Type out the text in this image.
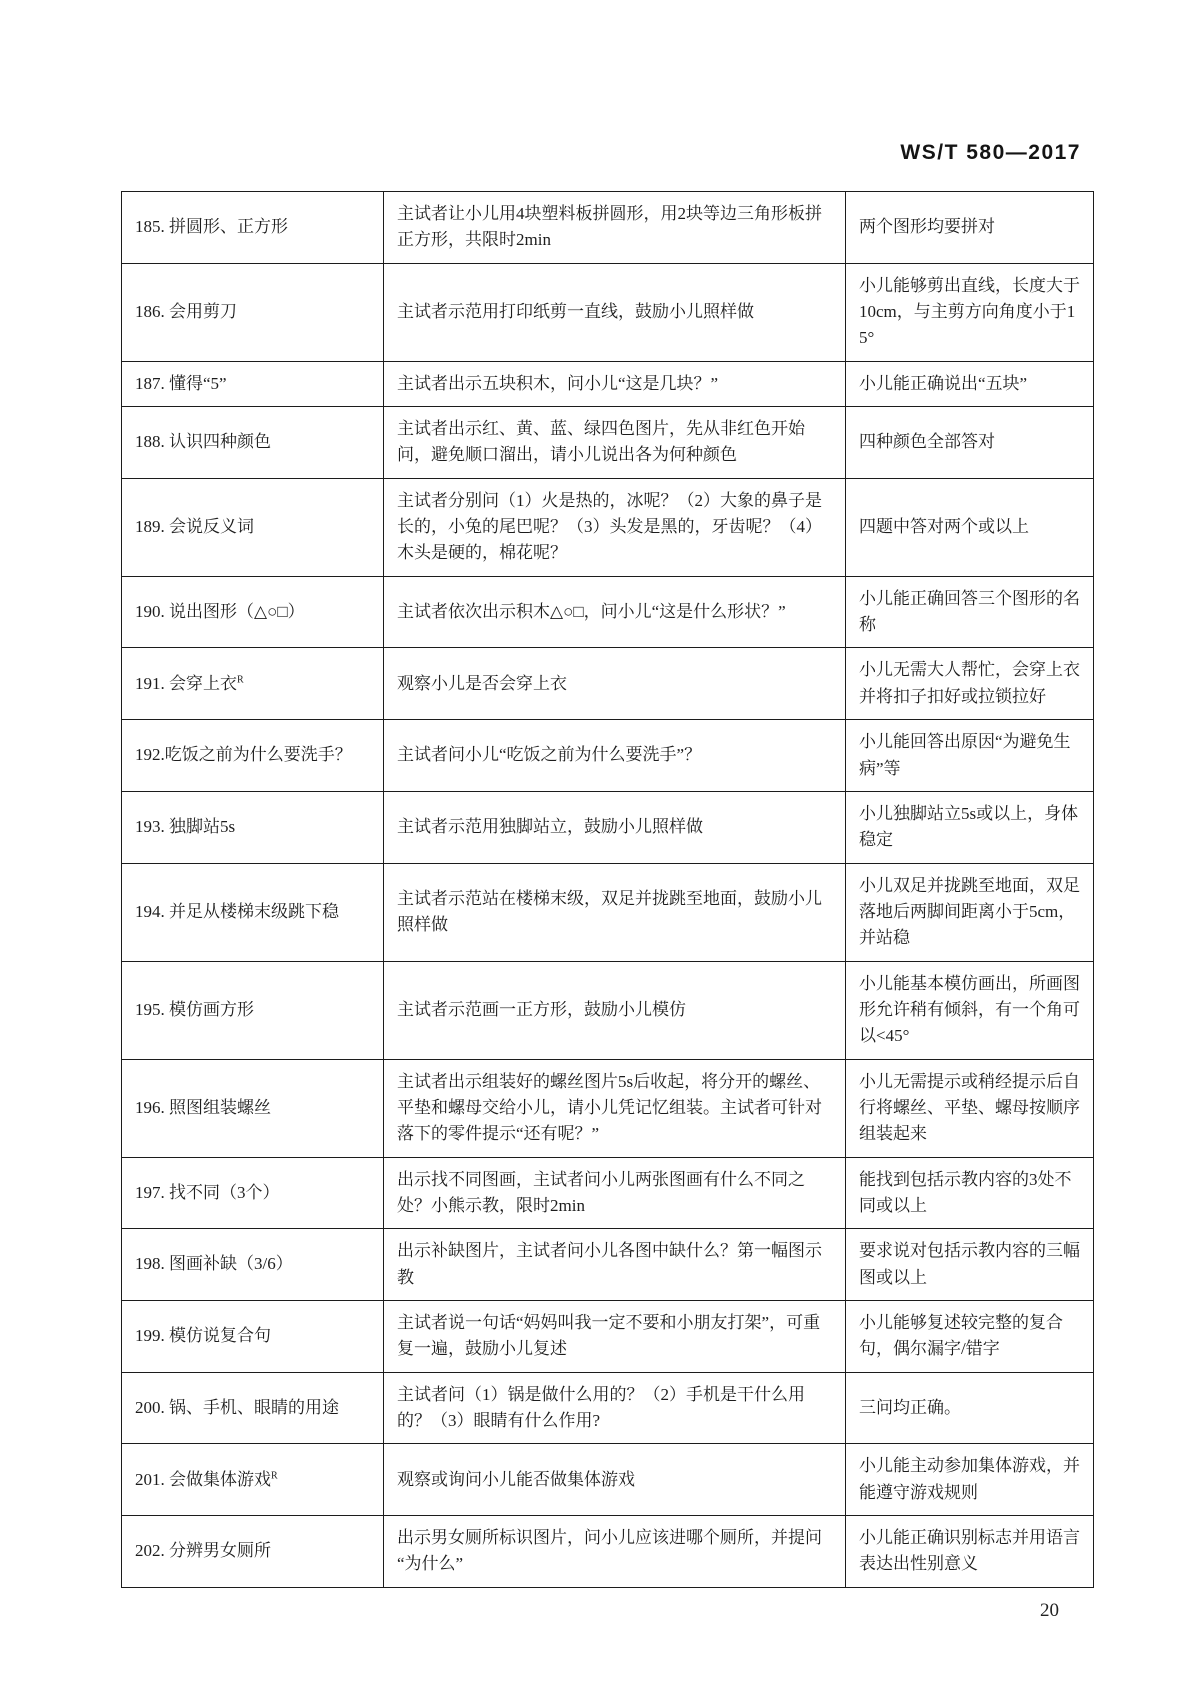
WS/T 580—2017
185. 拼圆形、正方形	主试者让小儿用4块塑料板拼圆形，用2块等边三角形板拼正方形，共限时2min	两个图形均要拼对
186. 会用剪刀	主试者示范用打印纸剪一直线，鼓励小儿照样做	小儿能够剪出直线，长度大于10cm，与主剪方向角度小于15°
187. 懂得“5”	主试者出示五块积木，问小儿“这是几块？”	小儿能正确说出“五块”
188. 认识四种颜色	主试者出示红、黄、蓝、绿四色图片，先从非红色开始问，避免顺口溜出，请小儿说出各为何种颜色	四种颜色全部答对
189. 会说反义词	主试者分别问（1）火是热的，冰呢？（2）大象的鼻子是长的，小兔的尾巴呢？（3）头发是黑的，牙齿呢？（4）木头是硬的，棉花呢？	四题中答对两个或以上
190. 说出图形（△○□）	主试者依次出示积木△○□，问小儿“这是什么形状？”	小儿能正确回答三个图形的名称
191. 会穿上衣$^R$	观察小儿是否会穿上衣	小儿无需大人帮忙，会穿上衣并将扣子扣好或拉锁拉好
192.吃饭之前为什么要洗手？	主试者问小儿“吃饭之前为什么要洗手”？	小儿能回答出原因“为避免生病”等
193. 独脚站5s	主试者示范用独脚站立，鼓励小儿照样做	小儿独脚站立5s或以上，身体稳定
194. 并足从楼梯末级跳下稳	主试者示范站在楼梯末级，双足并拢跳至地面，鼓励小儿照样做	小儿双足并拢跳至地面，双足落地后两脚间距离小于5cm，并站稳
195. 模仿画方形	主试者示范画一正方形，鼓励小儿模仿	小儿能基本模仿画出，所画图形允许稍有倾斜，有一个角可以<45°
196. 照图组装螺丝	主试者出示组装好的螺丝图片5s后收起，将分开的螺丝、平垫和螺母交给小儿，请小儿凭记忆组装。主试者可针对落下的零件提示“还有呢？”	小儿无需提示或稍经提示后自行将螺丝、平垫、螺母按顺序组装起来
197. 找不同（3个）	出示找不同图画，主试者问小儿两张图画有什么不同之处？小熊示教，限时2min	能找到包括示教内容的3处不同或以上
198. 图画补缺（3/6）	出示补缺图片，主试者问小儿各图中缺什么？第一幅图示教	要求说对包括示教内容的三幅图或以上
199. 模仿说复合句	主试者说一句话“妈妈叫我一定不要和小朋友打架”，可重复一遍，鼓励小儿复述	小儿能够复述较完整的复合句，偶尔漏字/错字
200. 锅、手机、眼睛的用途	主试者问（1）锅是做什么用的？（2）手机是干什么用的？（3）眼睛有什么作用?	三问均正确。
201. 会做集体游戏$^R$	观察或询问小儿能否做集体游戏	小儿能主动参加集体游戏，并能遵守游戏规则
202. 分辨男女厕所	出示男女厕所标识图片，问小儿应该进哪个厕所，并提问“为什么”	小儿能正确识别标志并用语言表达出性别意义
20
